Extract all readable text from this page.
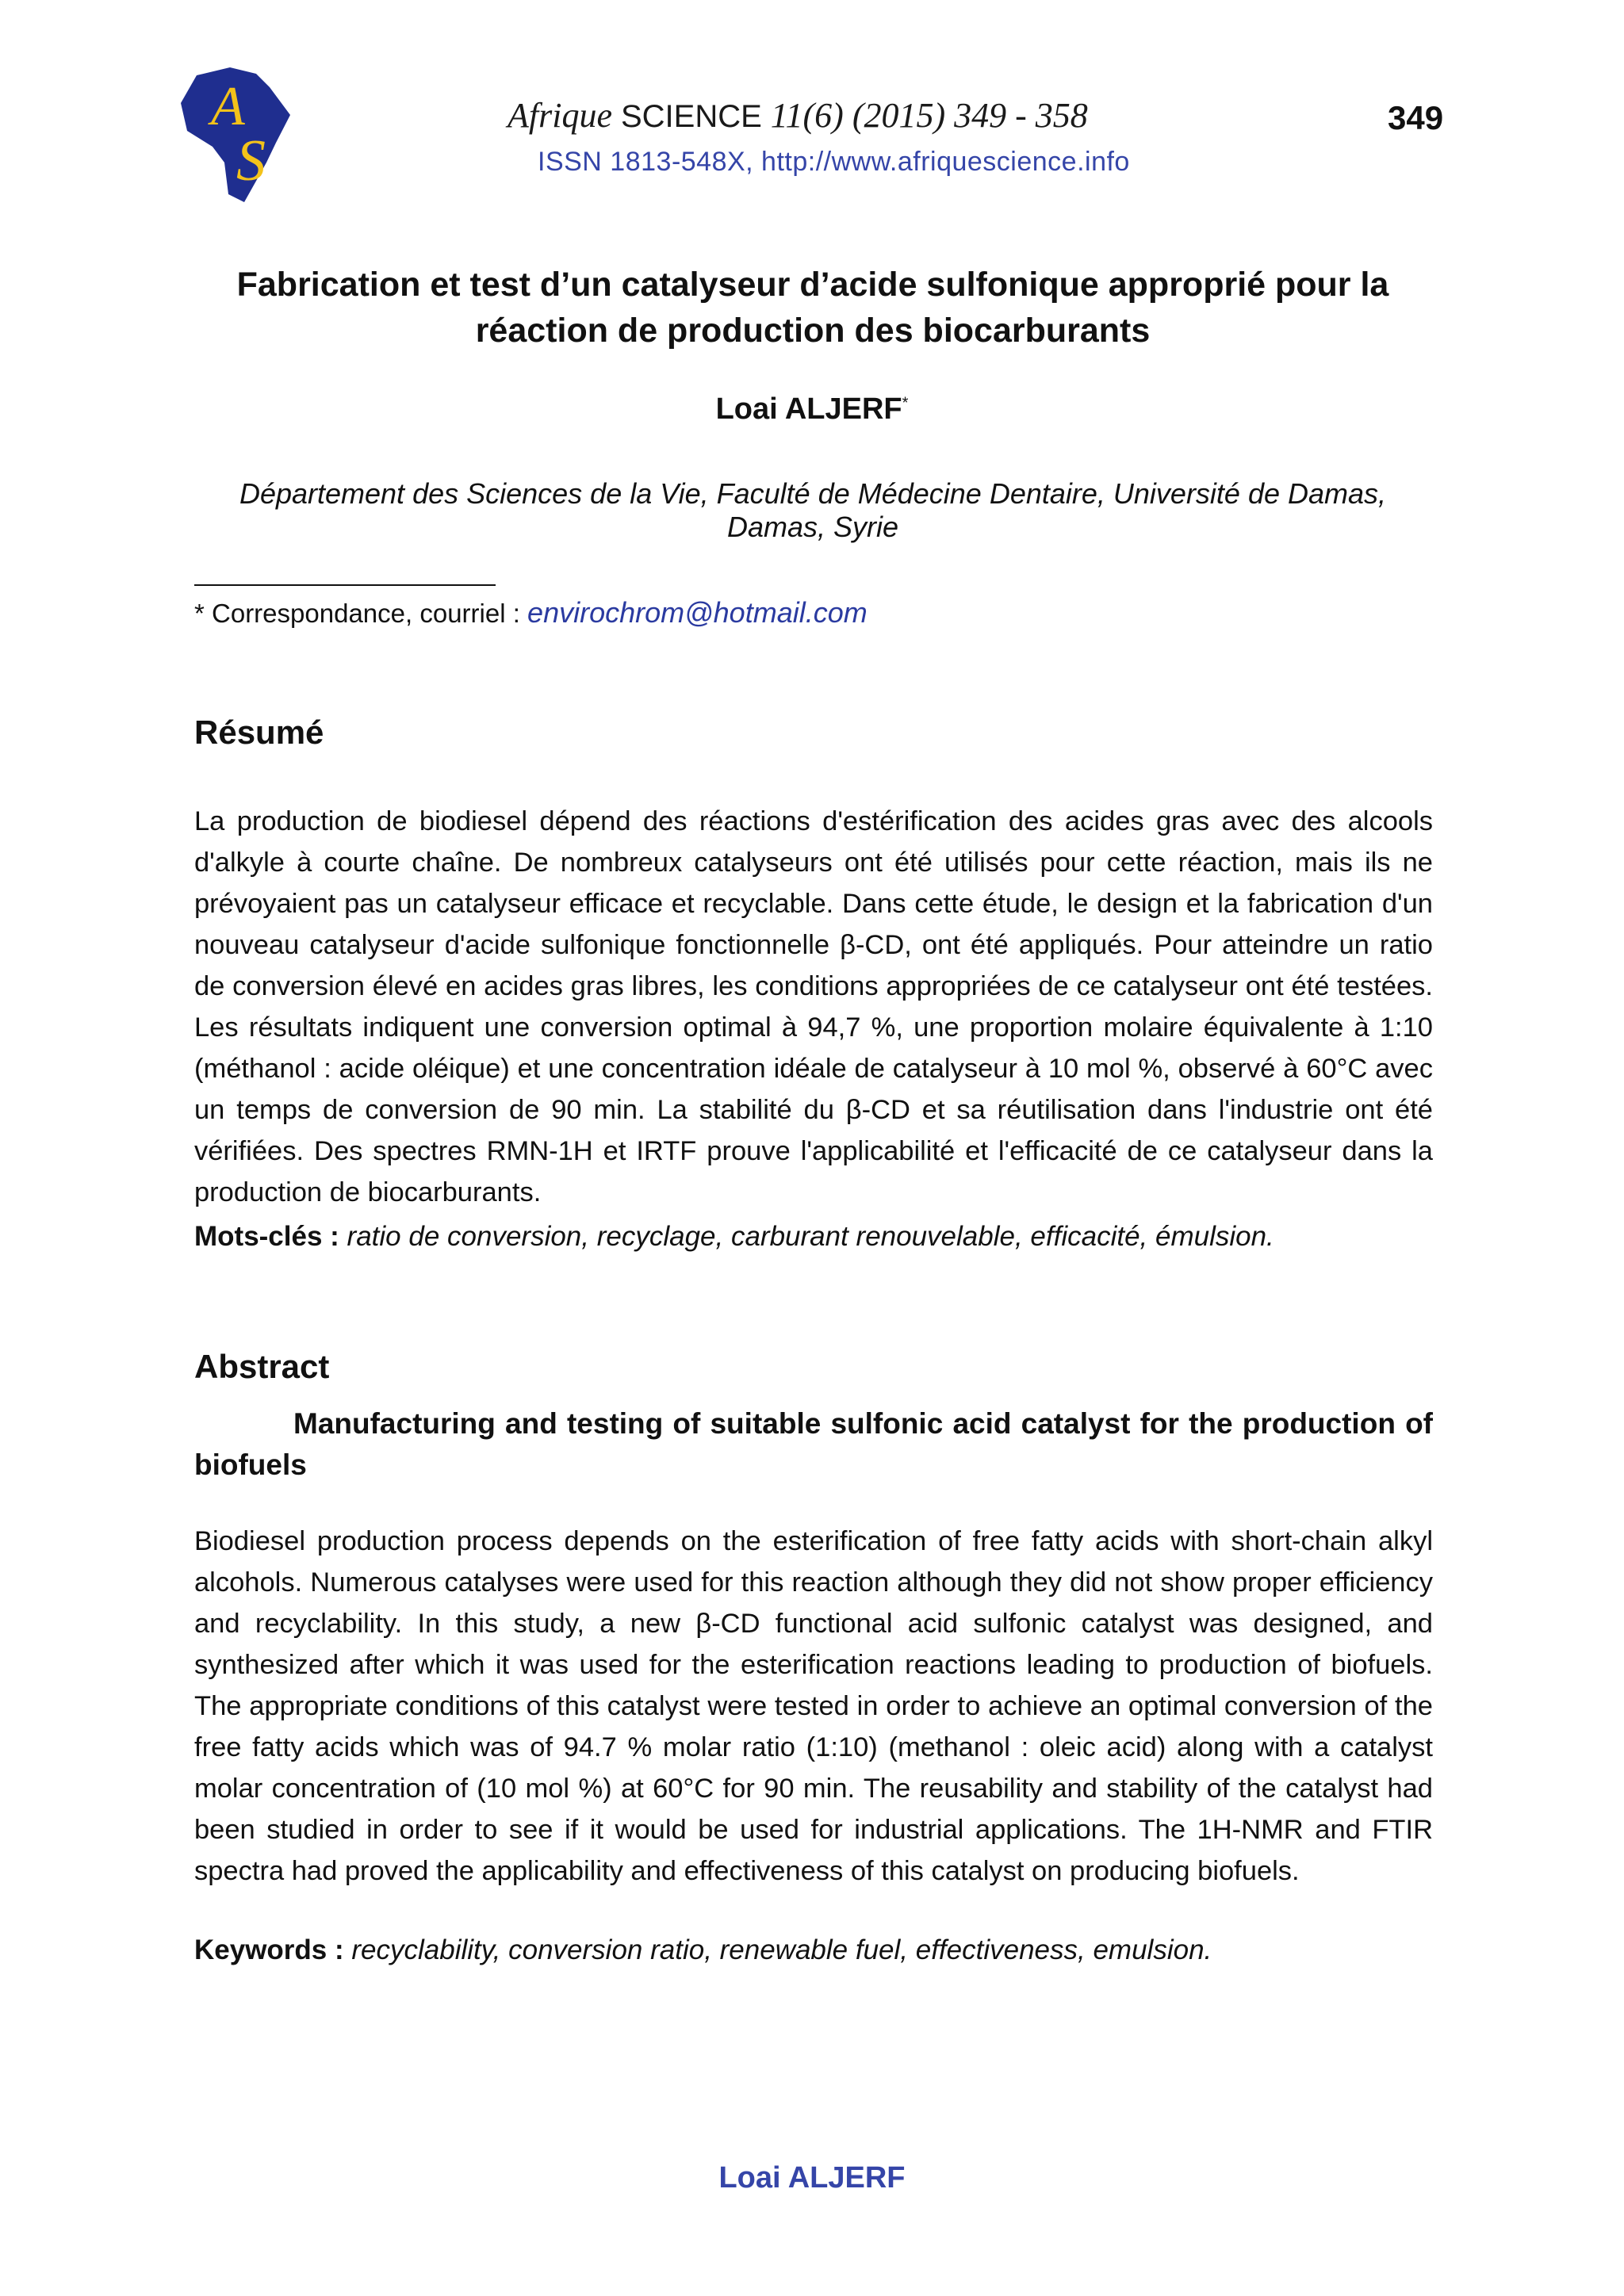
A
S
Afrique SCIENCE 11(6) (2015) 349 - 358
ISSN 1813-548X, http://www.afriquescience.info
349
Fabrication et test d’un catalyseur d’acide sulfonique approprié pour la réaction de production des biocarburants
Loai ALJERF*
Département des Sciences de la Vie, Faculté de Médecine Dentaire, Université de Damas, Damas, Syrie
* Correspondance, courriel : envirochrom@hotmail.com
Résumé
La production de biodiesel dépend des réactions d'estérification des acides gras avec des alcools d'alkyle à courte chaîne. De nombreux catalyseurs ont été utilisés pour cette réaction, mais ils ne prévoyaient pas un catalyseur efficace et recyclable. Dans cette étude, le design et la fabrication d'un nouveau catalyseur d'acide sulfonique fonctionnelle β-CD, ont été appliqués. Pour atteindre un ratio de conversion élevé en acides gras libres, les conditions appropriées de ce catalyseur ont été testées. Les résultats indiquent une conversion optimal à 94,7 %, une proportion molaire équivalente à 1:10 (méthanol : acide oléique) et une concentration idéale de catalyseur à 10 mol %, observé à 60°C avec un temps de conversion de 90 min. La stabilité du β-CD et sa réutilisation dans l'industrie ont été vérifiées. Des spectres RMN-1H et IRTF prouve l'applicabilité et l'efficacité de ce catalyseur dans la production de biocarburants.
Mots-clés : ratio de conversion, recyclage, carburant renouvelable, efficacité, émulsion.
Abstract
Manufacturing and testing of suitable sulfonic acid catalyst for the production of biofuels
Biodiesel production process depends on the esterification of free fatty acids with short-chain alkyl alcohols. Numerous catalyses were used for this reaction although they did not show proper efficiency and recyclability. In this study, a new β-CD functional acid sulfonic catalyst was designed, and synthesized after which it was used for the esterification reactions leading to production of biofuels. The appropriate conditions of this catalyst were tested in order to achieve an optimal conversion of the free fatty acids which was of 94.7 % molar ratio (1:10) (methanol : oleic acid) along with a catalyst molar concentration of (10 mol %) at 60°C for 90 min. The reusability and stability of the catalyst had been studied in order to see if it would be used for industrial applications. The 1H-NMR and FTIR spectra had proved the applicability and effectiveness of this catalyst on producing biofuels.
Keywords : recyclability, conversion ratio, renewable fuel, effectiveness, emulsion.
Loai ALJERF
